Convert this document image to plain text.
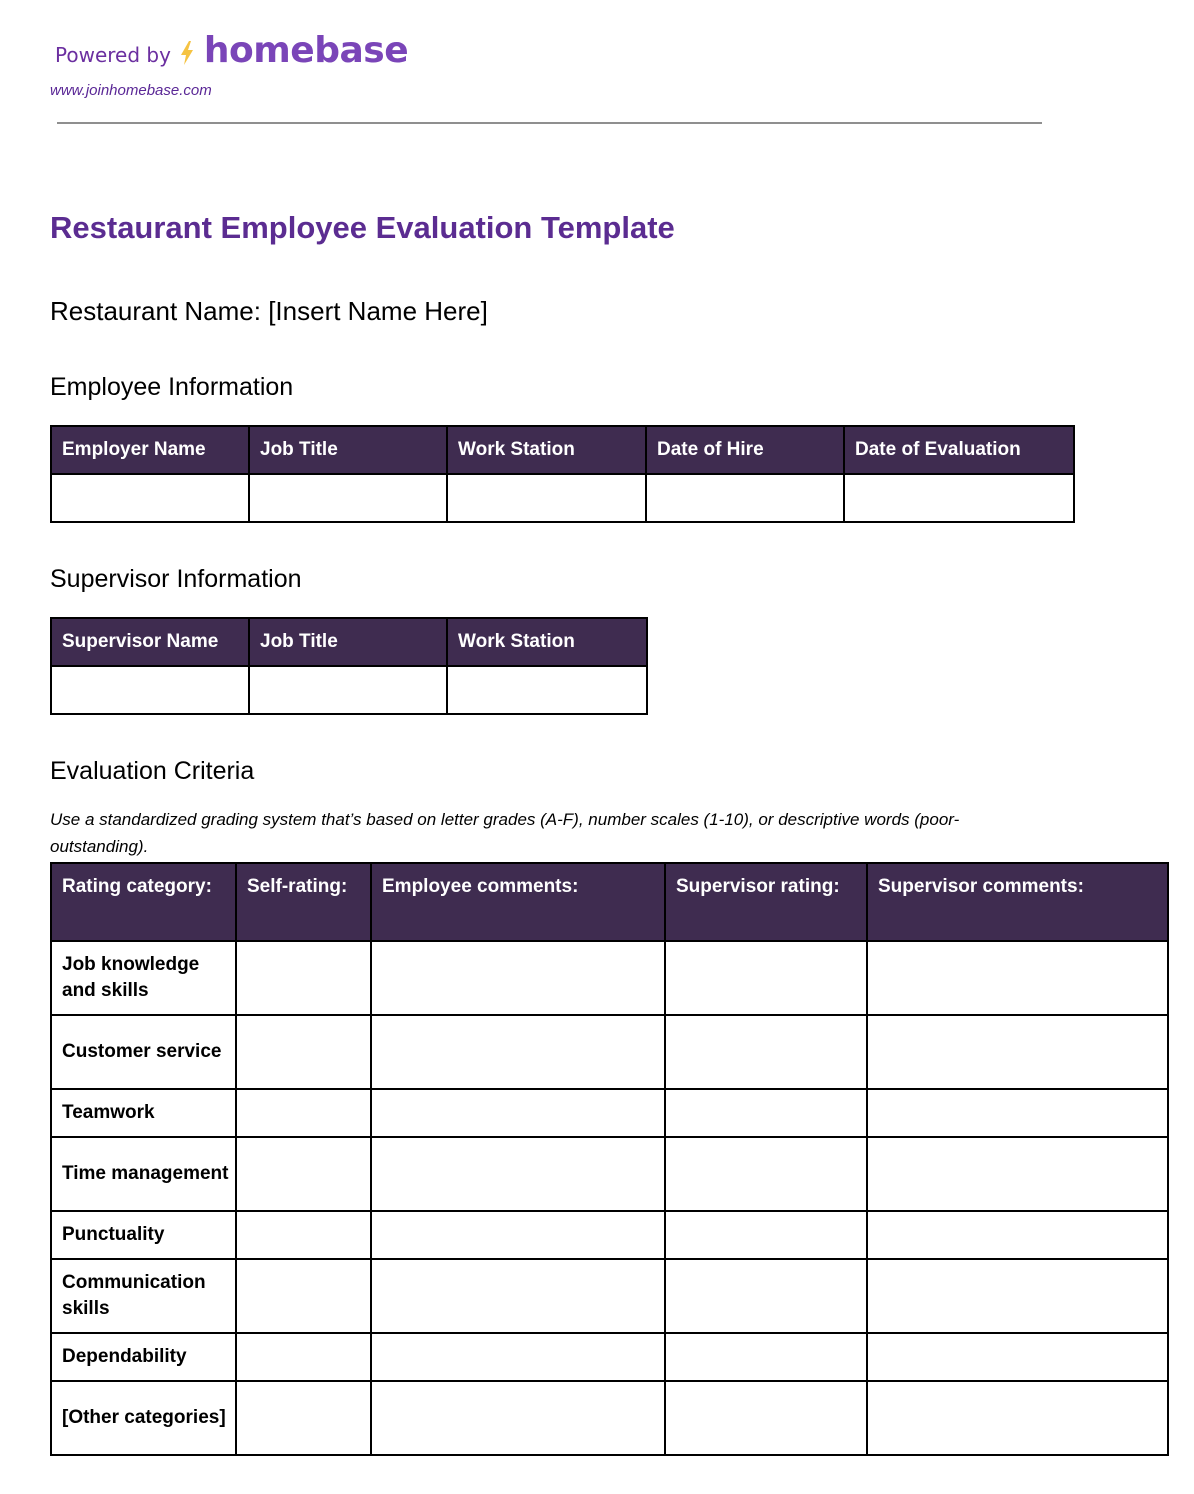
Powered by homebase
www.joinhomebase.com
Restaurant Employee Evaluation Template
Restaurant Name: [Insert Name Here]
Employee Information
Employer Name	Job Title	Work Station	Date of Hire	Date of Evaluation

Supervisor Information
Supervisor Name	Job Title	Work Station

Evaluation Criteria
Use a standardized grading system that’s based on letter grades (A-F), number scales (1-10), or descriptive words (poor-outstanding).
Rating category:	Self-rating:	Employee comments:	Supervisor rating:	Supervisor comments:
Job knowledge and skills				
Customer service				
Teamwork				
Time management				
Punctuality				
Communication skills				
Dependability				
[Other categories]				
